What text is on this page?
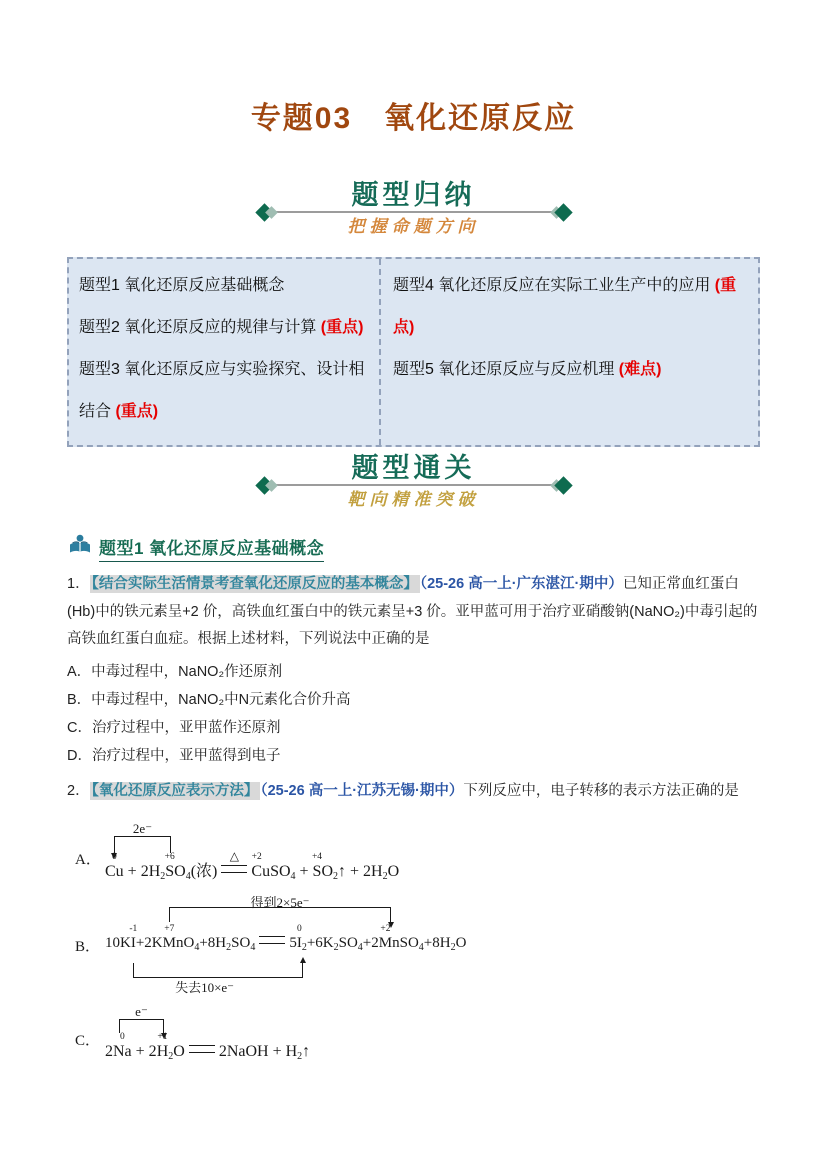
专题03　氧化还原反应
题型归纳
把握命题方向
题型1 氧化还原反应基础概念
题型2 氧化还原反应的规律与计算 (重点)
题型3 氧化还原反应与实验探究、设计相结合 (重点)
题型4 氧化还原反应在实际工业生产中的应用 (重点)
题型5 氧化还原反应与反应机理 (难点)
题型通关
靶向精准突破
题型1 氧化还原反应基础概念

1． 【结合实际生活情景考查氧化还原反应的基本概念】 （25-26 高一上·广东湛江·期中）已知正常血红蛋白(Hb)中的铁元素呈+2 价，高铁血红蛋白中的铁元素呈+3 价。亚甲蓝可用于治疗亚硝酸钠(NaNO₂)中毒引起的高铁血红蛋白血症。根据上述材料，下列说法中正确的是

A．中毒过程中，NaNO₂作还原剂
B．中毒过程中，NaNO₂中N元素化合价升高
C．治疗过程中，亚甲蓝作还原剂
D．治疗过程中，亚甲蓝得到电子

2． 【氧化还原反应表示方法】 （25-26 高一上·江苏无锡·期中）下列反应中，电子转移的表示方法正确的是

A．
2e⁻
0
$Cu + 2H_2$
+6
$SO_4$(浓)
△ +2
CuSO$_4$ +
+4
$SO_2↑ + 2H_2O$
B．
得到2×5e⁻
失去10×e⁻
10K
-1
I+2K
+7
$MnO_4+8H_2SO_4$ 5
0
$I_2+6K_2SO_4+2$
+2
$MnSO_4+8H_2O$
C．
e⁻
2
0
Na + 2
+1
$H_2O$ 2NaOH + $H_2↑$
